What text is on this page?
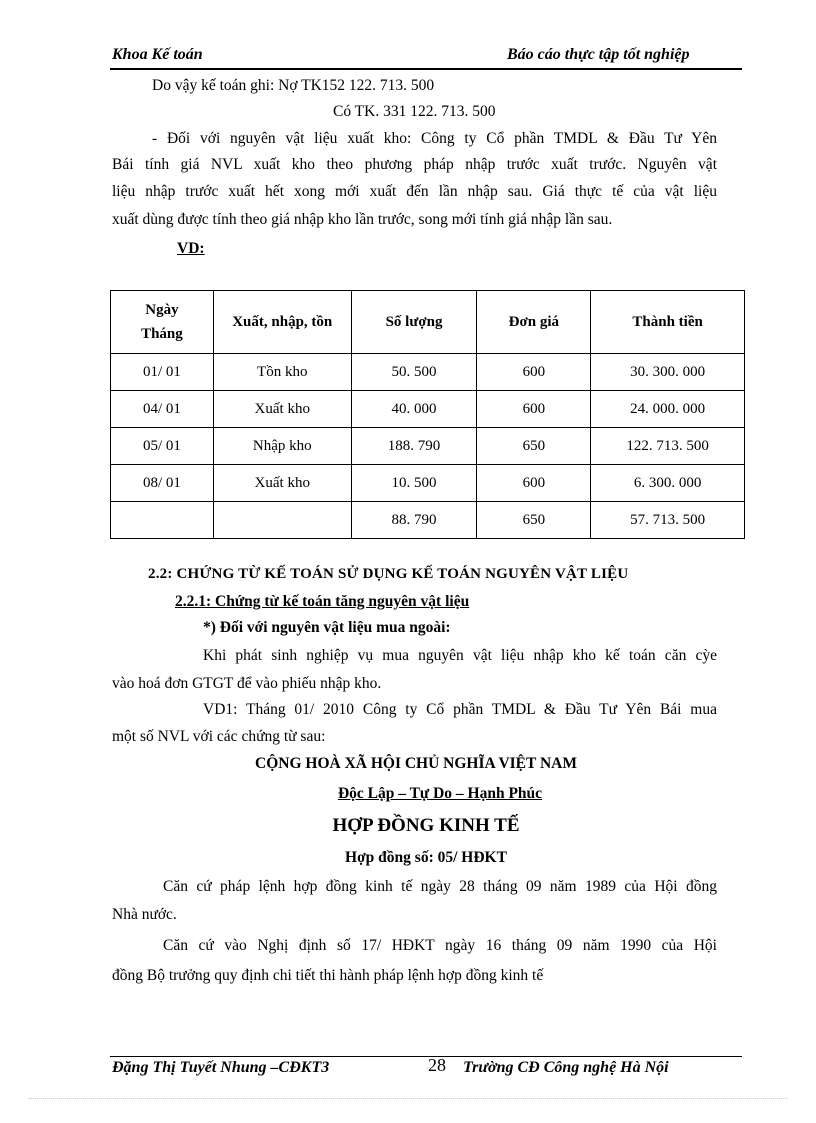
Khoa Kế toán	Báo cáo thực tập tốt nghiệp
Do vậy kế toán ghi: Nợ TK152 122. 713. 500
Có TK. 331 122. 713. 500
- Đối với nguyên vật liệu xuất kho: Công ty Cổ phần TMDL & Đầu Tư Yên
Bái tính giá NVL xuất kho theo phương pháp nhập trước xuất trước. Nguyên vật
liệu nhập trước xuất hết xong mới xuất đến lần nhập sau. Giá thực tế của vật liệu
xuất dùng được tính theo giá nhập kho lần trước, song mới tính giá nhập lần sau.
VD:
Ngày
Tháng	Xuất, nhập, tồn	Số lượng	Đơn giá	Thành tiền
01/ 01	Tồn kho	50. 500	600	30. 300. 000
04/ 01	Xuất kho	40. 000	600	24. 000. 000
05/ 01	Nhập kho	188. 790	650	122. 713. 500
08/ 01	Xuất kho	10. 500	600	6. 300. 000
		88. 790	650	57. 713. 500
2.2: CHỨNG TỪ KẾ TOÁN SỬ DỤNG KẾ TOÁN NGUYÊN VẬT LIỆU
2.2.1: Chứng từ kế toán tăng nguyên vật liệu
*) Đối với nguyên vật liệu mua ngoài:
Khi phát sinh nghiệp vụ mua nguyên vật liệu nhập kho kế toán căn cỳe
vào hoá đơn GTGT để vào phiếu nhập kho.
VD1: Tháng 01/ 2010 Công ty Cổ phần TMDL & Đầu Tư Yên Bái mua
một số NVL với các chứng từ sau:
CỘNG HOÀ XÃ HỘI CHỦ NGHĨA VIỆT NAM
Độc Lập – Tự Do – Hạnh Phúc
HỢP ĐỒNG KINH TẾ
Hợp đồng số: 05/ HĐKT
Căn cứ pháp lệnh hợp đồng kinh tế ngày 28 tháng 09 năm 1989 của Hội đồng
Nhà nước.
Căn cứ vào Nghị định số 17/ HĐKT ngày 16 tháng 09 năm 1990 của Hội
đồng Bộ trưởng quy định chi tiết thi hành pháp lệnh hợp đồng kinh tế
Đặng Thị Tuyết Nhung –CĐKT3	28 Trường CĐ Công nghệ Hà Nội
